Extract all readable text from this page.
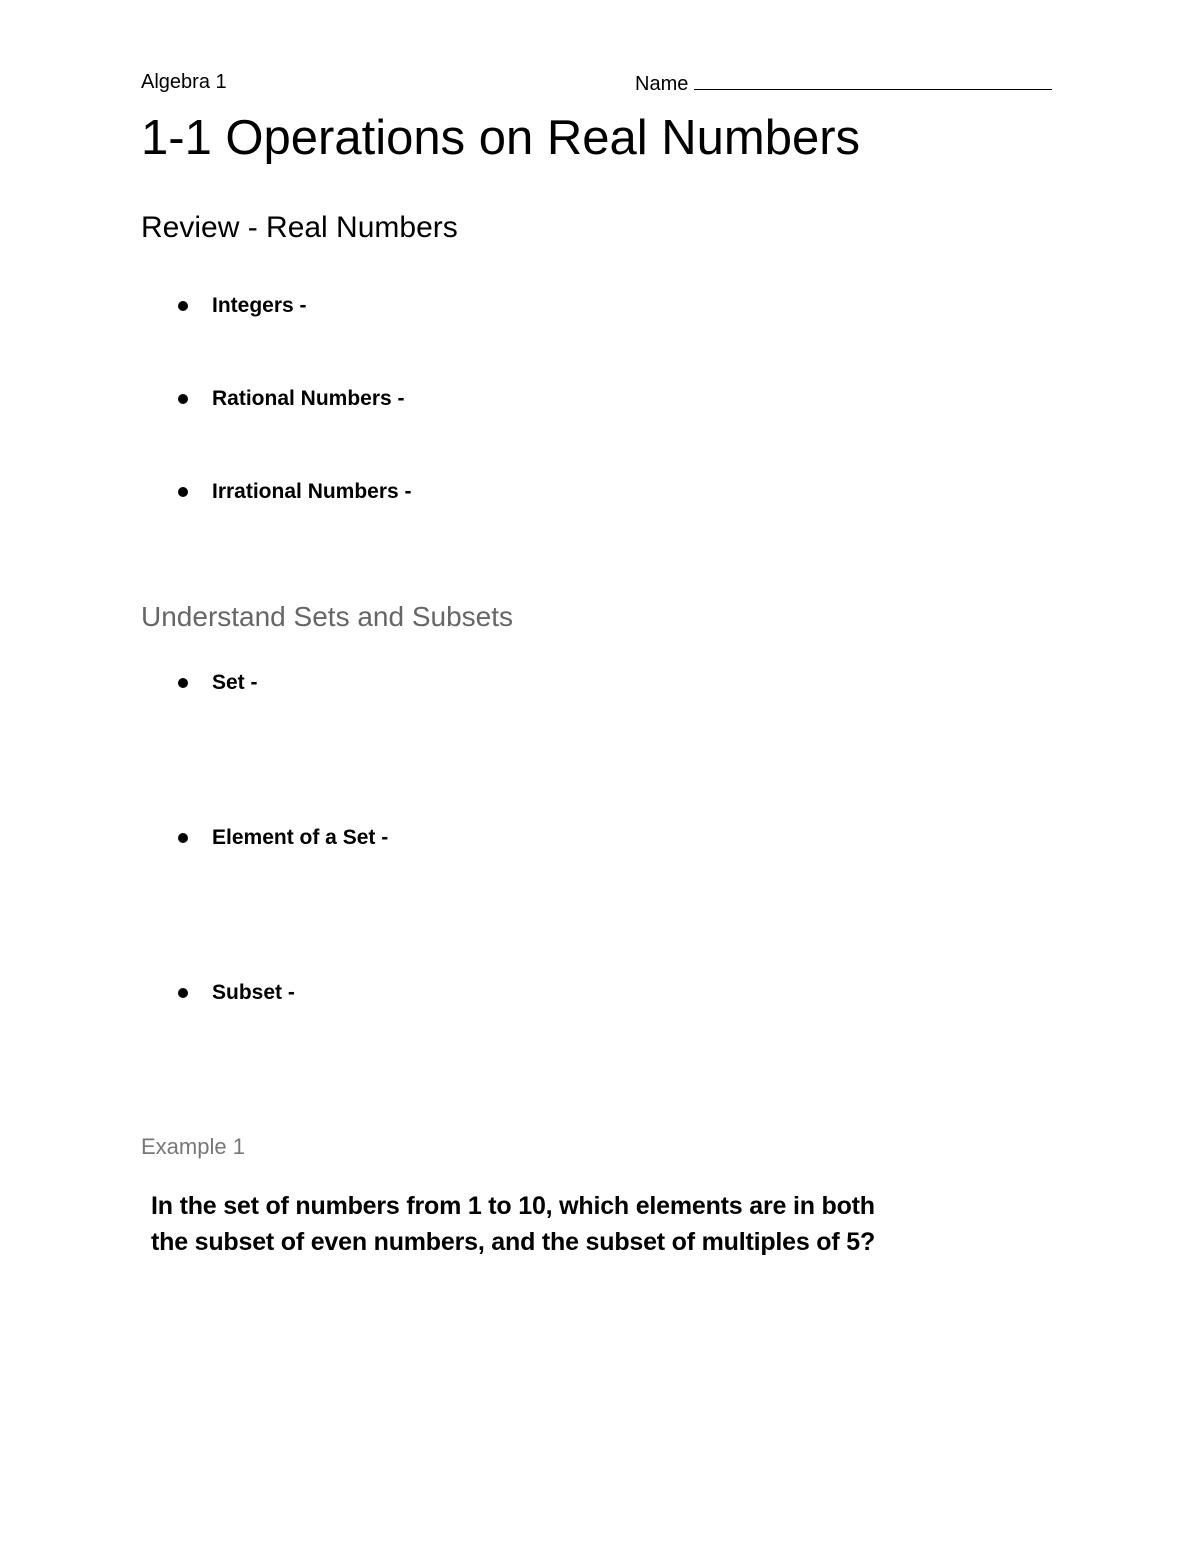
Algebra 1	Name
1-1 Operations on Real Numbers
Review - Real Numbers
Integers -
Rational Numbers -
Irrational Numbers -
Understand Sets and Subsets
Set -
Element of a Set -
Subset -
Example 1
In the set of numbers from 1 to 10, which elements are in both
the subset of even numbers, and the subset of multiples of 5?
